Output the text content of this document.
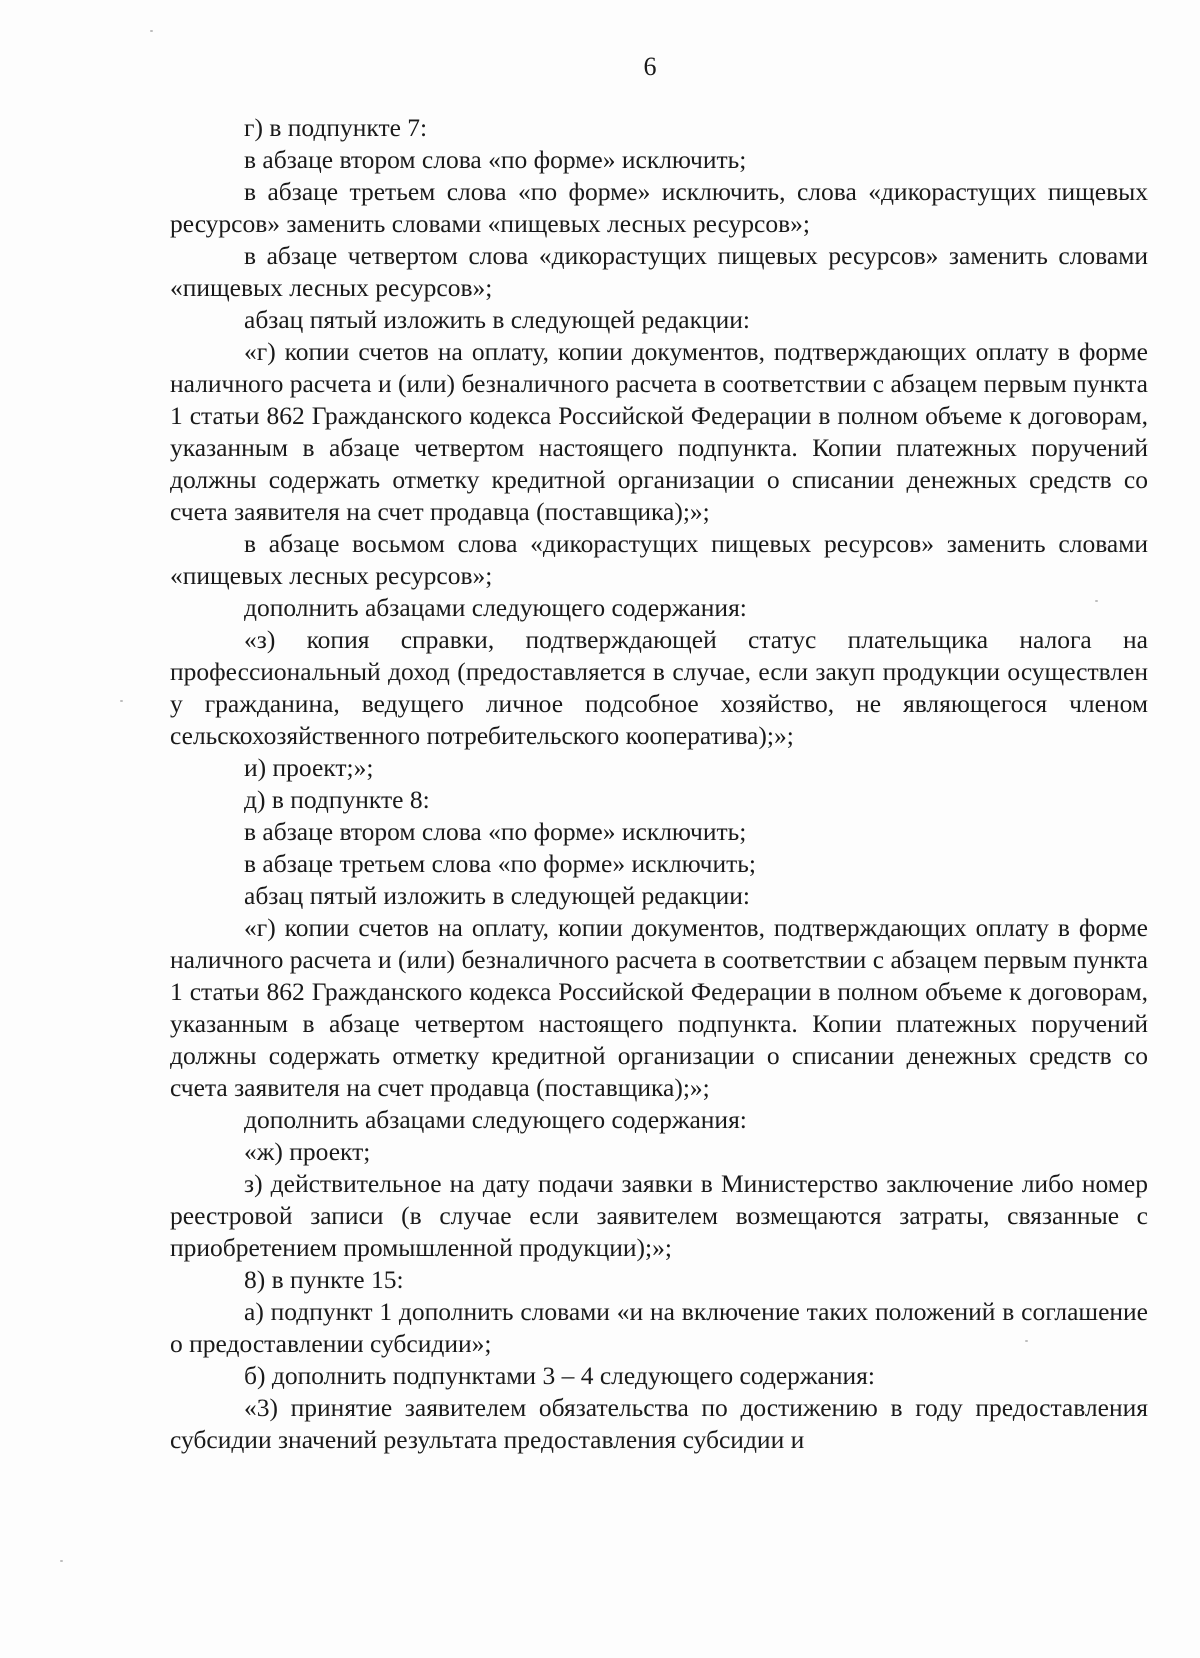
6

г) в подпункте 7:

в абзаце втором слова «по форме» исключить;

в абзаце третьем слова «по форме» исключить, слова «дикорастущих пищевых ресурсов» заменить словами «пищевых лесных ресурсов»;

в абзаце четвертом слова «дикорастущих пищевых ресурсов» заменить словами «пищевых лесных ресурсов»;

абзац пятый изложить в следующей редакции:

«г) копии счетов на оплату, копии документов, подтверждающих оплату в форме наличного расчета и (или) безналичного расчета в соответствии с абзацем первым пункта 1 статьи 862 Гражданского кодекса Российской Федерации в полном объеме к договорам, указанным в абзаце четвертом настоящего подпункта. Копии платежных поручений должны содержать отметку кредитной организации о списании денежных средств со счета заявителя на счет продавца (поставщика);»;

в абзаце восьмом слова «дикорастущих пищевых ресурсов» заменить словами «пищевых лесных ресурсов»;

дополнить абзацами следующего содержания:

«з) копия справки, подтверждающей статус плательщика налога на профессиональный доход (предоставляется в случае, если закуп продукции осуществлен у гражданина, ведущего личное подсобное хозяйство, не являющегося членом сельскохозяйственного потребительского кооператива);»;

и) проект;»;

д) в подпункте 8:

в абзаце втором слова «по форме» исключить;

в абзаце третьем слова «по форме» исключить;

абзац пятый изложить в следующей редакции:

«г) копии счетов на оплату, копии документов, подтверждающих оплату в форме наличного расчета и (или) безналичного расчета в соответствии с абзацем первым пункта 1 статьи 862 Гражданского кодекса Российской Федерации в полном объеме к договорам, указанным в абзаце четвертом настоящего подпункта. Копии платежных поручений должны содержать отметку кредитной организации о списании денежных средств со счета заявителя на счет продавца (поставщика);»;

дополнить абзацами следующего содержания:

«ж) проект;

з) действительное на дату подачи заявки в Министерство заключение либо номер реестровой записи (в случае если заявителем возмещаются затраты, связанные с приобретением промышленной продукции);»;

8) в пункте 15:

а) подпункт 1 дополнить словами «и на включение таких положений в соглашение о предоставлении субсидии»;

б) дополнить подпунктами 3 – 4 следующего содержания:

«3) принятие заявителем обязательства по достижению в году предоставления субсидии значений результата предоставления субсидии и
